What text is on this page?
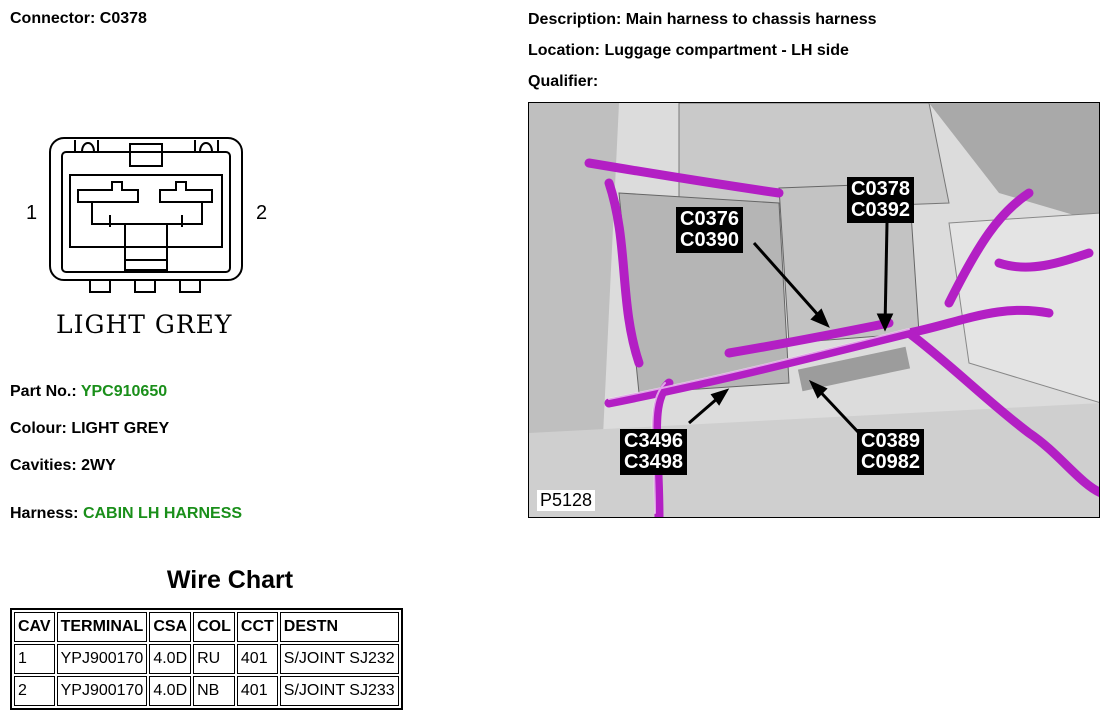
Connector: C0378	Description: Main harness to chassis harness
Location: Luggage compartment - LH side
Qualifier:
1	2
LIGHT GREY
Part No.: YPC910650
Colour: LIGHT GREY
Cavities: 2WY
Harness: CABIN LH HARNESS
Wire Chart
CAV	TERMINAL	CSA	COL	CCT	DESTN
1	YPJ900170	4.0D	RU	401	S/JOINT SJ232
2	YPJ900170	4.0D	NB	401	S/JOINT SJ233
C0376
C0390
C0378
C0392
C3496
C3498
C0389
C0982
P5128
